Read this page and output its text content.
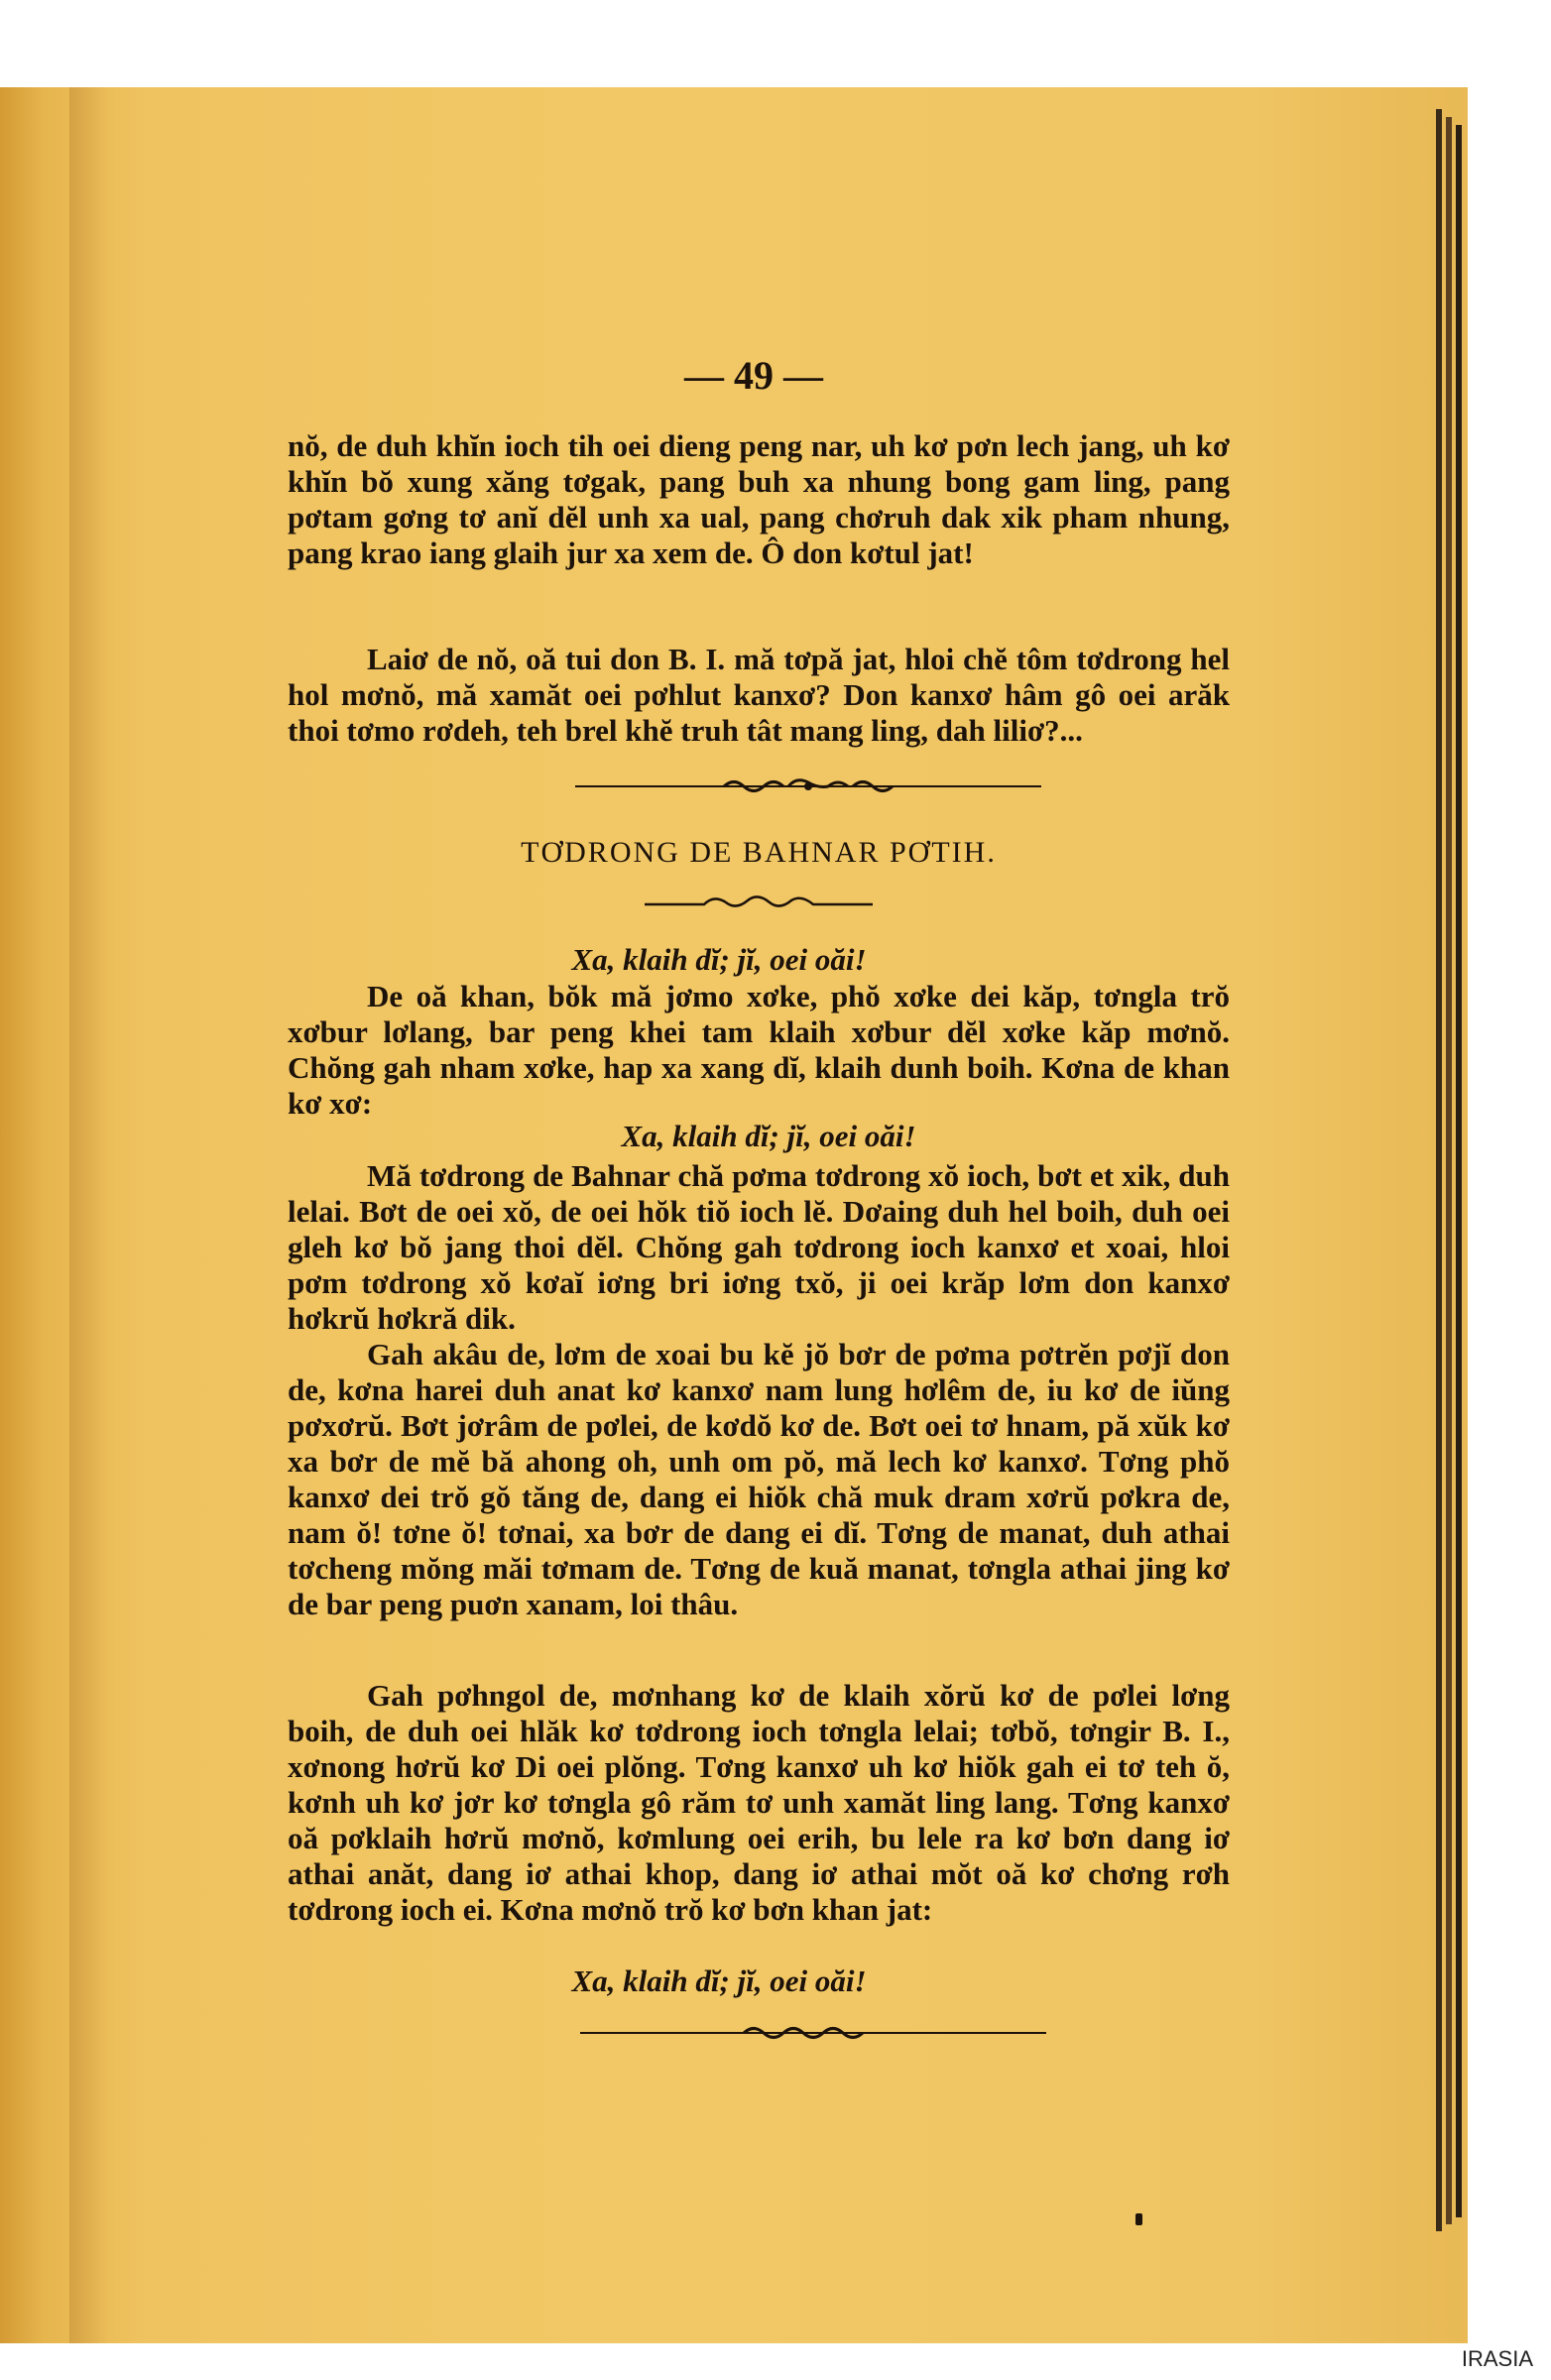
— 49 —

nŏ, de duh khĭn ioch tih oei dieng peng nar, uh kơ pơn lech jang, uh kơ khĭn bŏ xung xăng tơgak, pang buh xa nhung bong gam ling, pang pơtam gơng tơ anĭ dĕl unh xa ual, pang chơruh dak xik pham nhung, pang krao iang glaih jur xa xem de. Ô don kơtul jat!

Laiơ de nŏ, oă tui don B. I. mă tơpă jat, hloi chĕ tôm tơdrong hel hol mơnŏ, mă xamăt oei pơhlut kanxơ? Don kanxơ hâm gô oei arăk thoi tơmo rơdeh, teh brel khĕ truh tât mang ling, dah liliơ?...

TƠDRONG DE BAHNAR PƠTIH.
Xa, klaih dĭ; jĭ, oei oăi!

De oă khan, bŏk mă jơmo xơke, phŏ xơke dei kăp, tơngla trŏ xơbur lơlang, bar peng khei tam klaih xơbur dĕl xơke kăp mơnŏ. Chŏng gah nham xơke, hap xa xang dĭ, klaih dunh boih. Kơna de khan kơ xơ:

Xa, klaih dĭ; jĭ, oei oăi!

Mă tơdrong de Bahnar chă pơma tơdrong xŏ ioch, bơt et xik, duh lelai. Bơt de oei xŏ, de oei hŏk tiŏ ioch lĕ. Dơaing duh hel boih, duh oei gleh kơ bŏ jang thoi dĕl. Chŏng gah tơdrong ioch kanxơ et xoai, hloi pơm tơdrong xŏ kơaĭ iơng bri iơng txŏ, ji oei krăp lơm don kanxơ hơkrŭ hơkră dik.

Gah akâu de, lơm de xoai bu kĕ jŏ bơr de pơma pơtrĕn pơjĭ don de, kơna harei duh anat kơ kanxơ nam lung hơlêm de, iu kơ de iŭng pơxơrŭ. Bơt jơrâm de pơlei, de kơdŏ kơ de. Bơt oei tơ hnam, pă xŭk kơ xa bơr de mĕ bă ahong oh, unh om pŏ, mă lech kơ kanxơ. Tơng phŏ kanxơ dei trŏ gŏ tăng de, dang ei hiŏk chă muk dram xơrŭ pơkra de, nam ŏ! tơne ŏ! tơnai, xa bơr de dang ei dĭ. Tơng de manat, duh athai tơcheng mŏng măi tơmam de. Tơng de kuă manat, tơngla athai jing kơ de bar peng puơn xanam, loi thâu.

Gah pơhngol de, mơnhang kơ de klaih xŏrŭ kơ de pơlei lơng boih, de duh oei hlăk kơ tơdrong ioch tơngla lelai; tơbŏ, tơngir B. I., xơnong hơrŭ kơ Di oei plŏng. Tơng kanxơ uh kơ hiŏk gah ei tơ teh ŏ, kơnh uh kơ jơr kơ tơngla gô răm tơ unh xamăt ling lang. Tơng kanxơ oă pơklaih hơrŭ mơnŏ, kơmlung oei erih, bu lele ra kơ bơn dang iơ athai anăt, dang iơ athai khop, dang iơ athai mŏt oă kơ chơng rơh tơdrong ioch ei. Kơna mơnŏ trŏ kơ bơn khan jat:

Xa, klaih dĭ; jĭ, oei oăi!
IRASIA
